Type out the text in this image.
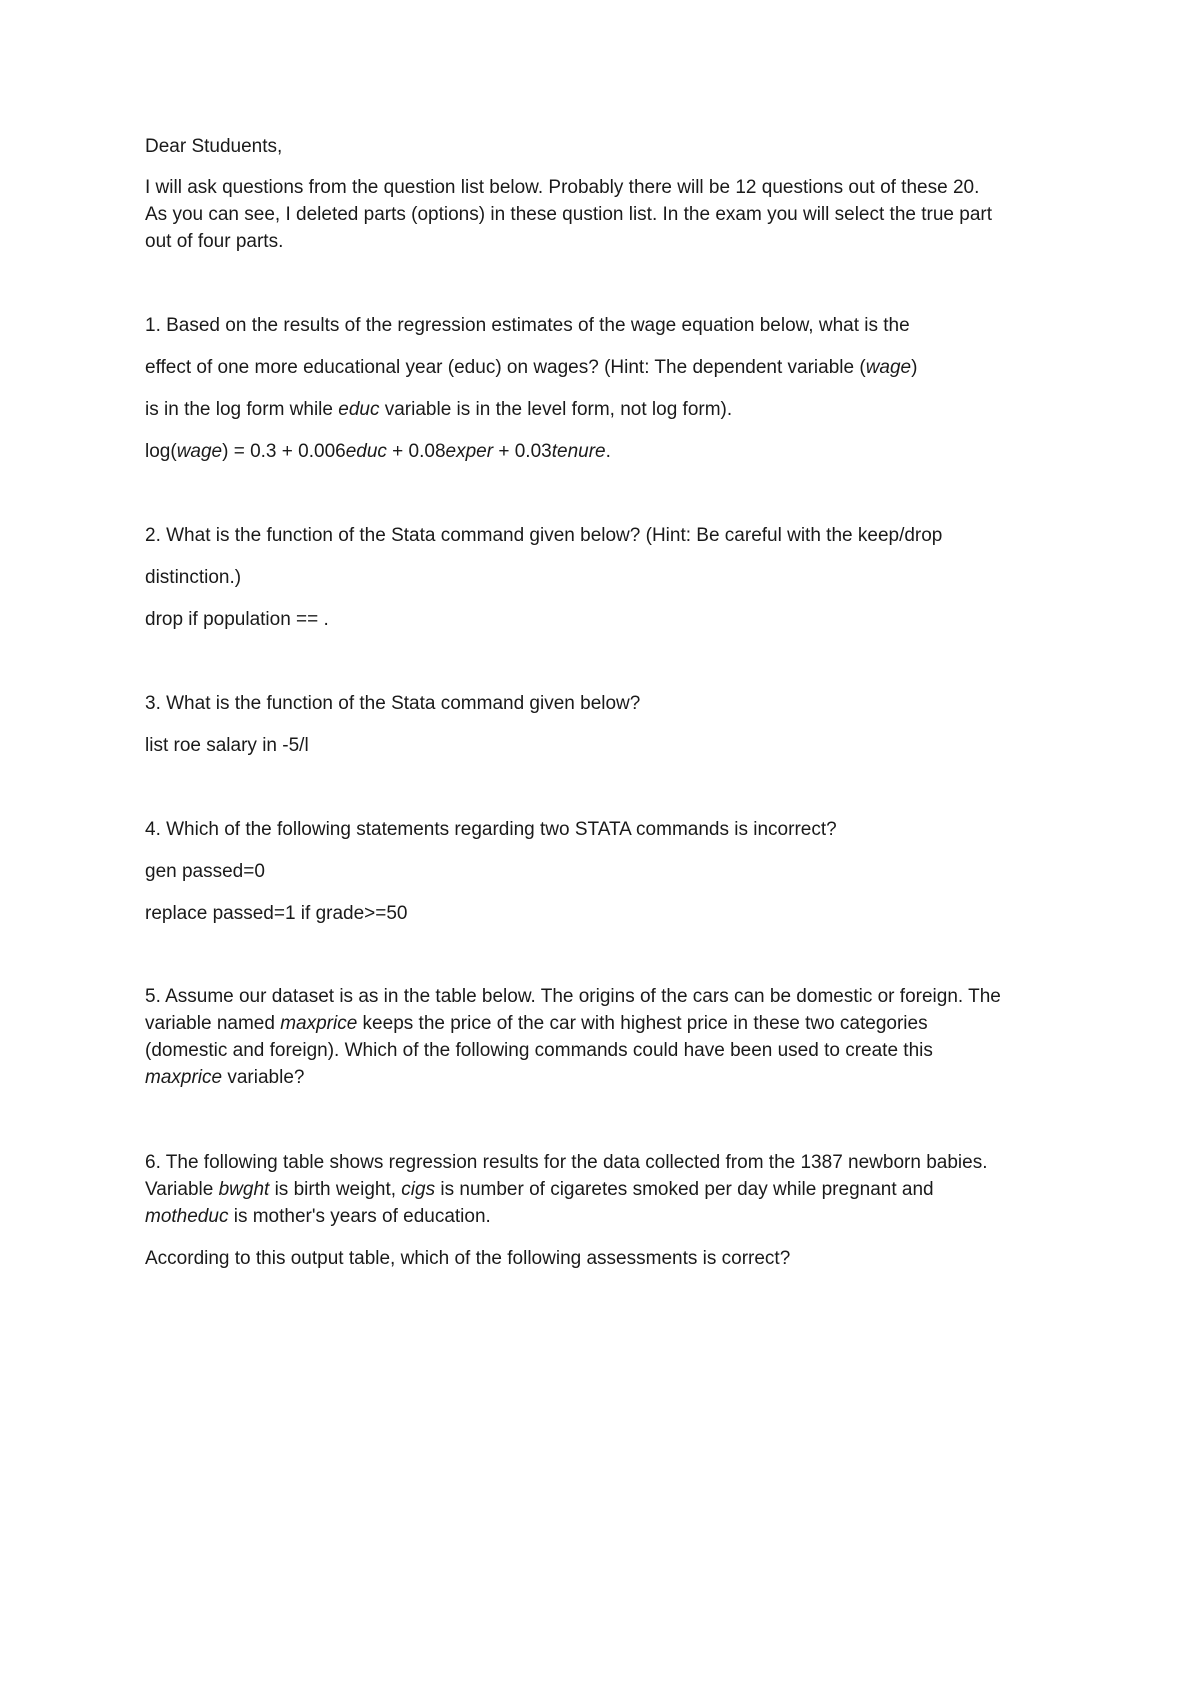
Dear Studuents,
I will ask questions from the question list below. Probably there will be 12 questions out of these 20.
As you can see, I deleted parts (options) in these qustion list. In the exam you will select the true part
out of four parts.
1. Based on the results of the regression estimates of the wage equation below, what is the
effect of one more educational year (educ) on wages? (Hint: The dependent variable (wage)
is in the log form while educ variable is in the level form, not log form).
log(wage) = 0.3 + 0.006educ + 0.08exper + 0.03tenure.
2. What is the function of the Stata command given below? (Hint: Be careful with the keep/drop
distinction.)
drop if population == .
3. What is the function of the Stata command given below?
list roe salary in -5/l
4. Which of the following statements regarding two STATA commands is incorrect?
gen passed=0
replace passed=1 if grade>=50
5. Assume our dataset is as in the table below. The origins of the cars can be domestic or foreign. The
variable named maxprice keeps the price of the car with highest price in these two categories
(domestic and foreign). Which of the following commands could have been used to create this
maxprice variable?
6. The following table shows regression results for the data collected from the 1387 newborn babies.
Variable bwght is birth weight, cigs is number of cigaretes smoked per day while pregnant and
motheduc is mother's years of education.
According to this output table, which of the following assessments is correct?
